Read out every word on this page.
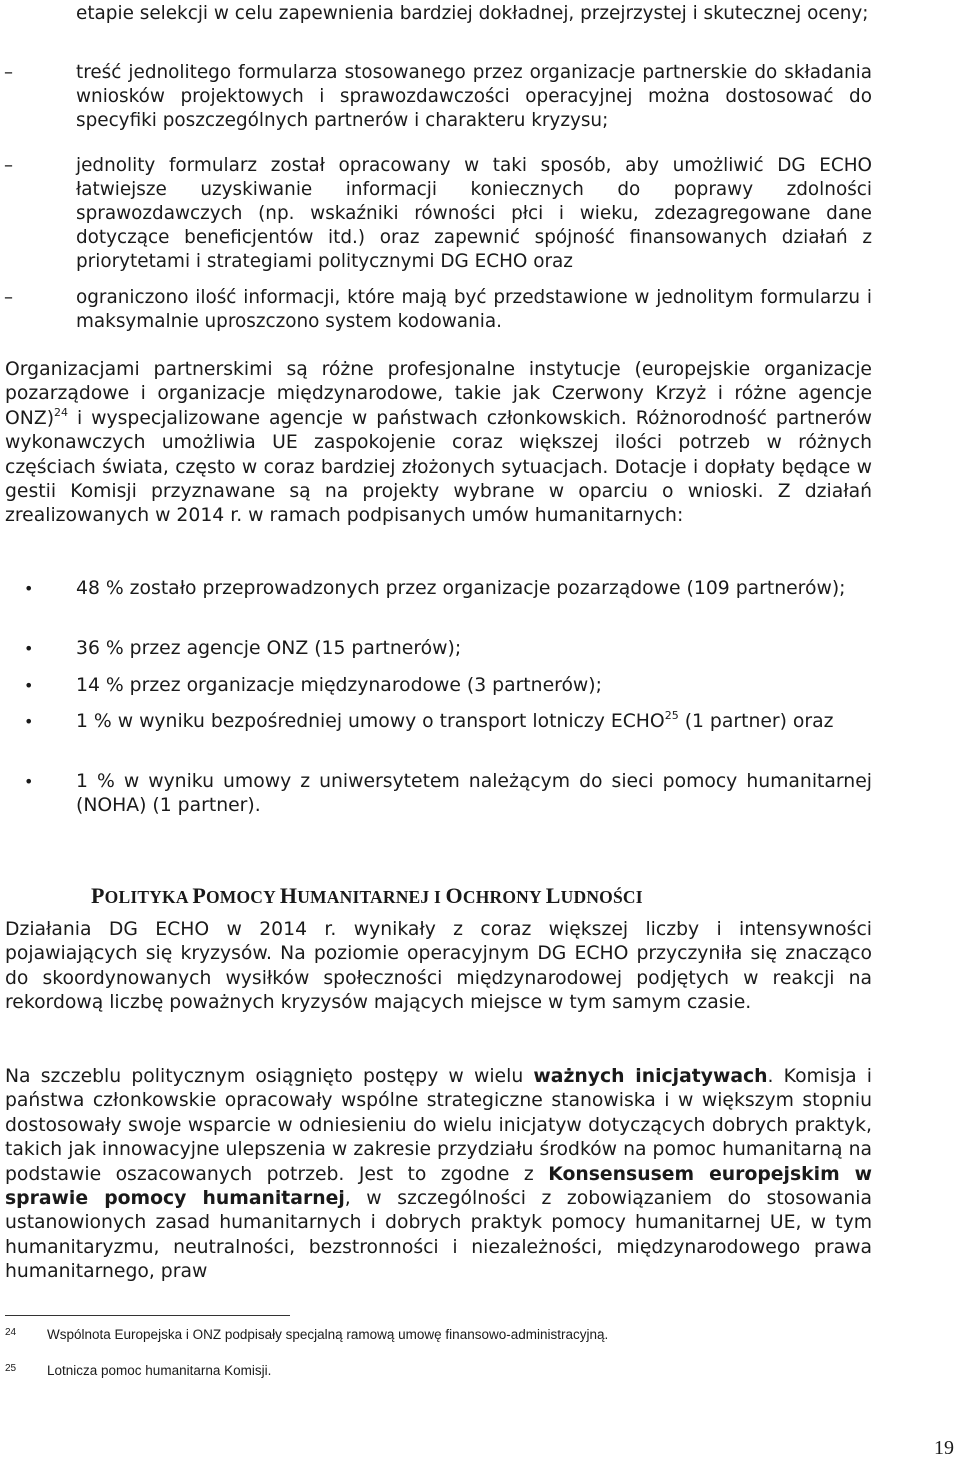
etapie selekcji w celu zapewnienia bardziej dokładnej, przejrzystej i skutecznej oceny;

–	treść jednolitego formularza stosowanego przez organizacje partnerskie do składania wniosków projektowych i sprawozdawczości operacyjnej można dostosować do specyfiki poszczególnych partnerów i charakteru kryzysu;

–	jednolity formularz został opracowany w taki sposób, aby umożliwić DG ECHO łatwiejsze uzyskiwanie informacji koniecznych do poprawy zdolności sprawozdawczych (np. wskaźniki równości płci i wieku, zdezagregowane dane dotyczące beneficjentów itd.) oraz zapewnić spójność finansowanych działań z priorytetami i strategiami politycznymi DG ECHO oraz

–	ograniczono ilość informacji, które mają być przedstawione w jednolitym formularzu i maksymalnie uproszczono system kodowania.

Organizacjami partnerskimi są różne profesjonalne instytucje (europejskie organizacje pozarządowe i organizacje międzynarodowe, takie jak Czerwony Krzyż i różne agencje ONZ)$^{24}$ i wyspecjalizowane agencje w państwach członkowskich. Różnorodność partnerów wykonawczych umożliwia UE zaspokojenie coraz większej ilości potrzeb w różnych częściach świata, często w coraz bardziej złożonych sytuacjach. Dotacje i dopłaty będące w gestii Komisji przyznawane są na projekty wybrane w oparciu o wnioski. Z działań zrealizowanych w 2014 r. w ramach podpisanych umów humanitarnych:

• 48 % zostało przeprowadzonych przez organizacje pozarządowe (109 partnerów);

• 36 % przez agencje ONZ (15 partnerów);

• 14 % przez organizacje międzynarodowe (3 partnerów);

• 1 % w wyniku bezpośredniej umowy o transport lotniczy ECHO$^{25}$ (1 partner) oraz

• 1 % w wyniku umowy z uniwersytetem należącym do sieci pomocy humanitarnej (NOHA) (1 partner).

POLITYKA POMOCY HUMANITARNEJ I OCHRONY LUDNOŚCI

Działania DG ECHO w 2014 r. wynikały z coraz większej liczby i intensywności pojawiających się kryzysów. Na poziomie operacyjnym DG ECHO przyczyniła się znacząco do skoordynowanych wysiłków społeczności międzynarodowej podjętych w reakcji na rekordową liczbę poważnych kryzysów mających miejsce w tym samym czasie.

Na szczeblu politycznym osiągnięto postępy w wielu ważnych inicjatywach. Komisja i państwa członkowskie opracowały wspólne strategiczne stanowiska i w większym stopniu dostosowały swoje wsparcie w odniesieniu do wielu inicjatyw dotyczących dobrych praktyk, takich jak innowacyjne ulepszenia w zakresie przydziału środków na pomoc humanitarną na podstawie oszacowanych potrzeb. Jest to zgodne z Konsensusem europejskim w sprawie pomocy humanitarnej, w szczególności z zobowiązaniem do stosowania ustanowionych zasad humanitarnych i dobrych praktyk pomocy humanitarnej UE, w tym humanitaryzmu, neutralności, bezstronności i niezależności, międzynarodowego prawa humanitarnego, praw

24 Wspólnota Europejska i ONZ podpisały specjalną ramową umowę finansowo-administracyjną.
25 Lotnicza pomoc humanitarna Komisji.
19
